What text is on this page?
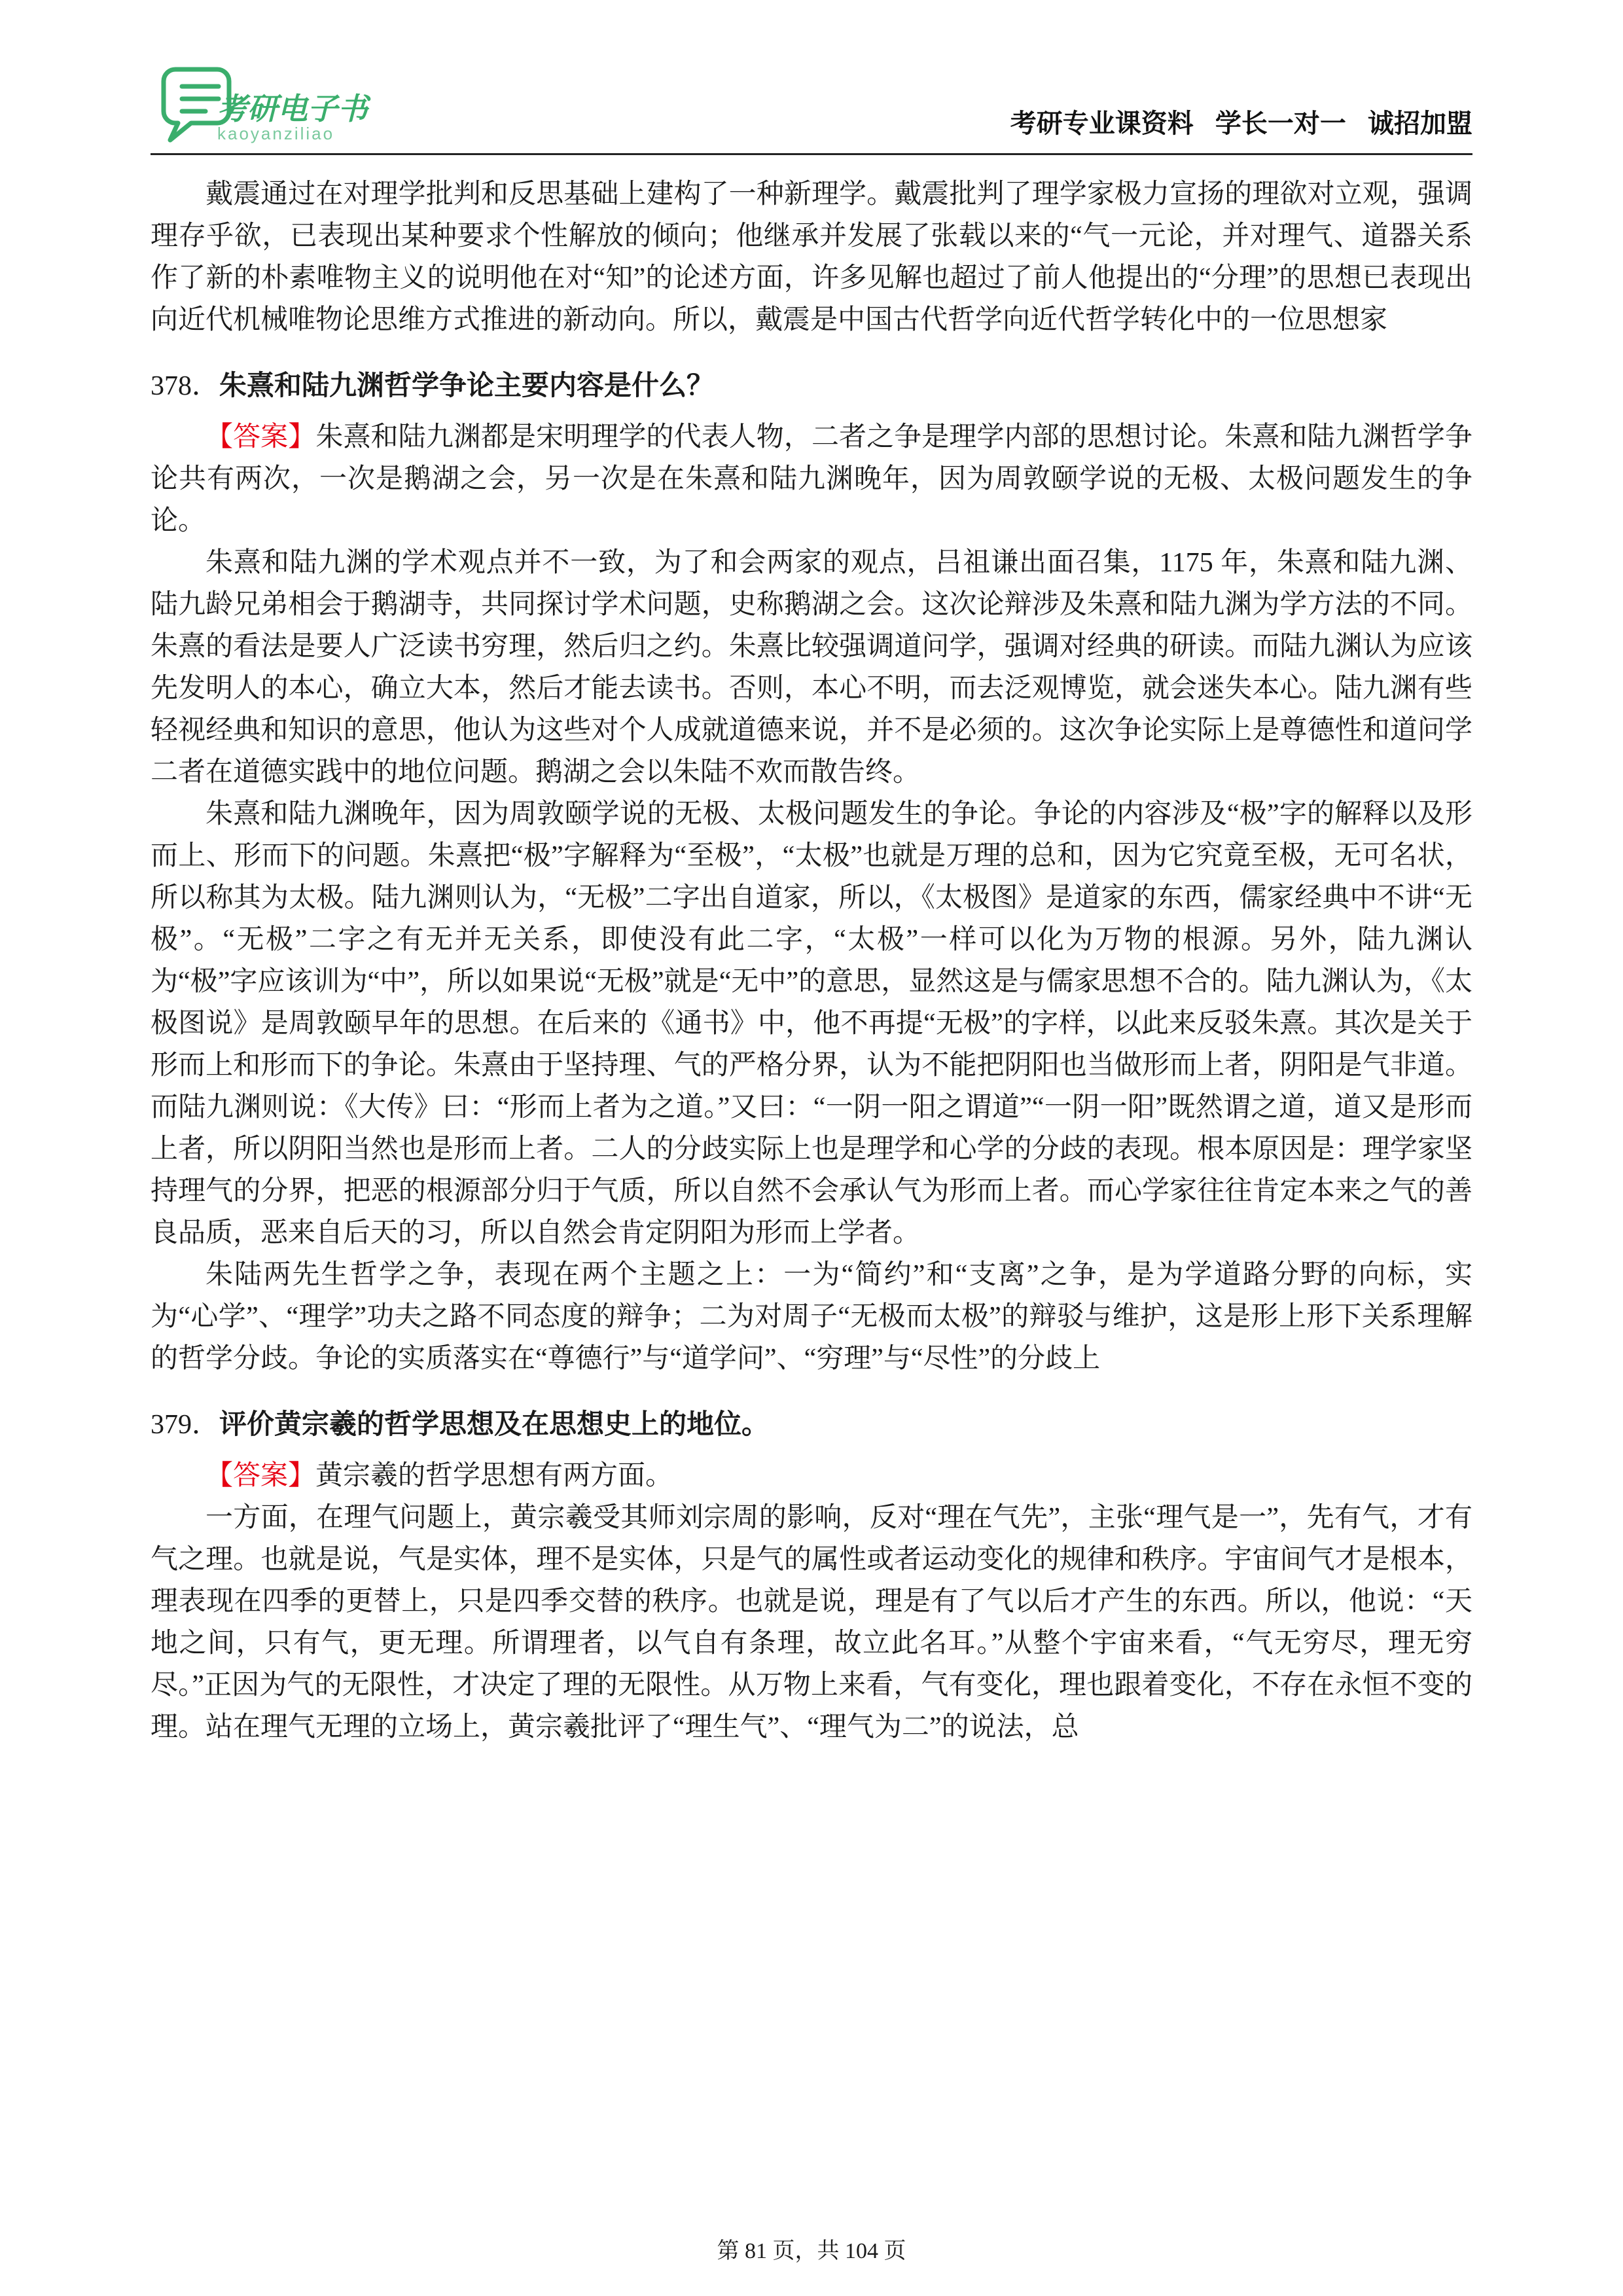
考研电子书
kaoyanziliao	考研专业课资料 学长一对一 诚招加盟

戴震通过在对理学批判和反思基础上建构了一种新理学。戴震批判了理学家极力宣扬的理欲对立观，强调理存乎欲，已表现出某种要求个性解放的倾向；他继承并发展了张载以来的“气一元论，并对理气、道器关系作了新的朴素唯物主义的说明他在对“知”的论述方面，许多见解也超过了前人他提出的“分理”的思想已表现出向近代机械唯物论思维方式推进的新动向。所以，戴震是中国古代哲学向近代哲学转化中的一位思想家

378．朱熹和陆九渊哲学争论主要内容是什么？

【答案】朱熹和陆九渊都是宋明理学的代表人物，二者之争是理学内部的思想讨论。朱熹和陆九渊哲学争论共有两次，一次是鹅湖之会，另一次是在朱熹和陆九渊晚年，因为周敦颐学说的无极、太极问题发生的争论。

朱熹和陆九渊的学术观点并不一致，为了和会两家的观点，吕祖谦出面召集，1175 年，朱熹和陆九渊、陆九龄兄弟相会于鹅湖寺，共同探讨学术问题，史称鹅湖之会。这次论辩涉及朱熹和陆九渊为学方法的不同。朱熹的看法是要人广泛读书穷理，然后归之约。朱熹比较强调道问学，强调对经典的研读。而陆九渊认为应该先发明人的本心，确立大本，然后才能去读书。否则，本心不明，而去泛观博览，就会迷失本心。陆九渊有些轻视经典和知识的意思，他认为这些对个人成就道德来说，并不是必须的。这次争论实际上是尊德性和道问学二者在道德实践中的地位问题。鹅湖之会以朱陆不欢而散告终。

朱熹和陆九渊晚年，因为周敦颐学说的无极、太极问题发生的争论。争论的内容涉及“极”字的解释以及形而上、形而下的问题。朱熹把“极”字解释为“至极”，“太极”也就是万理的总和，因为它究竟至极，无可名状，所以称其为太极。陆九渊则认为，“无极”二字出自道家，所以，《太极图》是道家的东西，儒家经典中不讲“无极”。“无极”二字之有无并无关系，即使没有此二字，“太极”一样可以化为万物的根源。另外，陆九渊认为“极”字应该训为“中”，所以如果说“无极”就是“无中”的意思，显然这是与儒家思想不合的。陆九渊认为，《太极图说》是周敦颐早年的思想。在后来的《通书》中，他不再提“无极”的字样，以此来反驳朱熹。其次是关于形而上和形而下的争论。朱熹由于坚持理、气的严格分界，认为不能把阴阳也当做形而上者，阴阳是气非道。而陆九渊则说：《大传》曰：“形而上者为之道。”又曰：“一阴一阳之谓道”“一阴一阳”既然谓之道，道又是形而上者，所以阴阳当然也是形而上者。二人的分歧实际上也是理学和心学的分歧的表现。根本原因是：理学家坚持理气的分界，把恶的根源部分归于气质，所以自然不会承认气为形而上者。而心学家往往肯定本来之气的善良品质，恶来自后天的习，所以自然会肯定阴阳为形而上学者。

朱陆两先生哲学之争，表现在两个主题之上：一为“简约”和“支离”之争，是为学道路分野的向标，实为“心学”、“理学”功夫之路不同态度的辩争；二为对周子“无极而太极”的辩驳与维护，这是形上形下关系理解的哲学分歧。争论的实质落实在“尊德行”与“道学问”、“穷理”与“尽性”的分歧上

379．评价黄宗羲的哲学思想及在思想史上的地位。

【答案】黄宗羲的哲学思想有两方面。

一方面，在理气问题上，黄宗羲受其师刘宗周的影响，反对“理在气先”，主张“理气是一”，先有气，才有气之理。也就是说，气是实体，理不是实体，只是气的属性或者运动变化的规律和秩序。宇宙间气才是根本，理表现在四季的更替上，只是四季交替的秩序。也就是说，理是有了气以后才产生的东西。所以，他说：“天地之间，只有气，更无理。所谓理者，以气自有条理，故立此名耳。”从整个宇宙来看，“气无穷尽，理无穷尽。”正因为气的无限性，才决定了理的无限性。从万物上来看，气有变化，理也跟着变化，不存在永恒不变的理。站在理气无理的立场上，黄宗羲批评了“理生气”、“理气为二”的说法，总

第 81 页，共 104 页
